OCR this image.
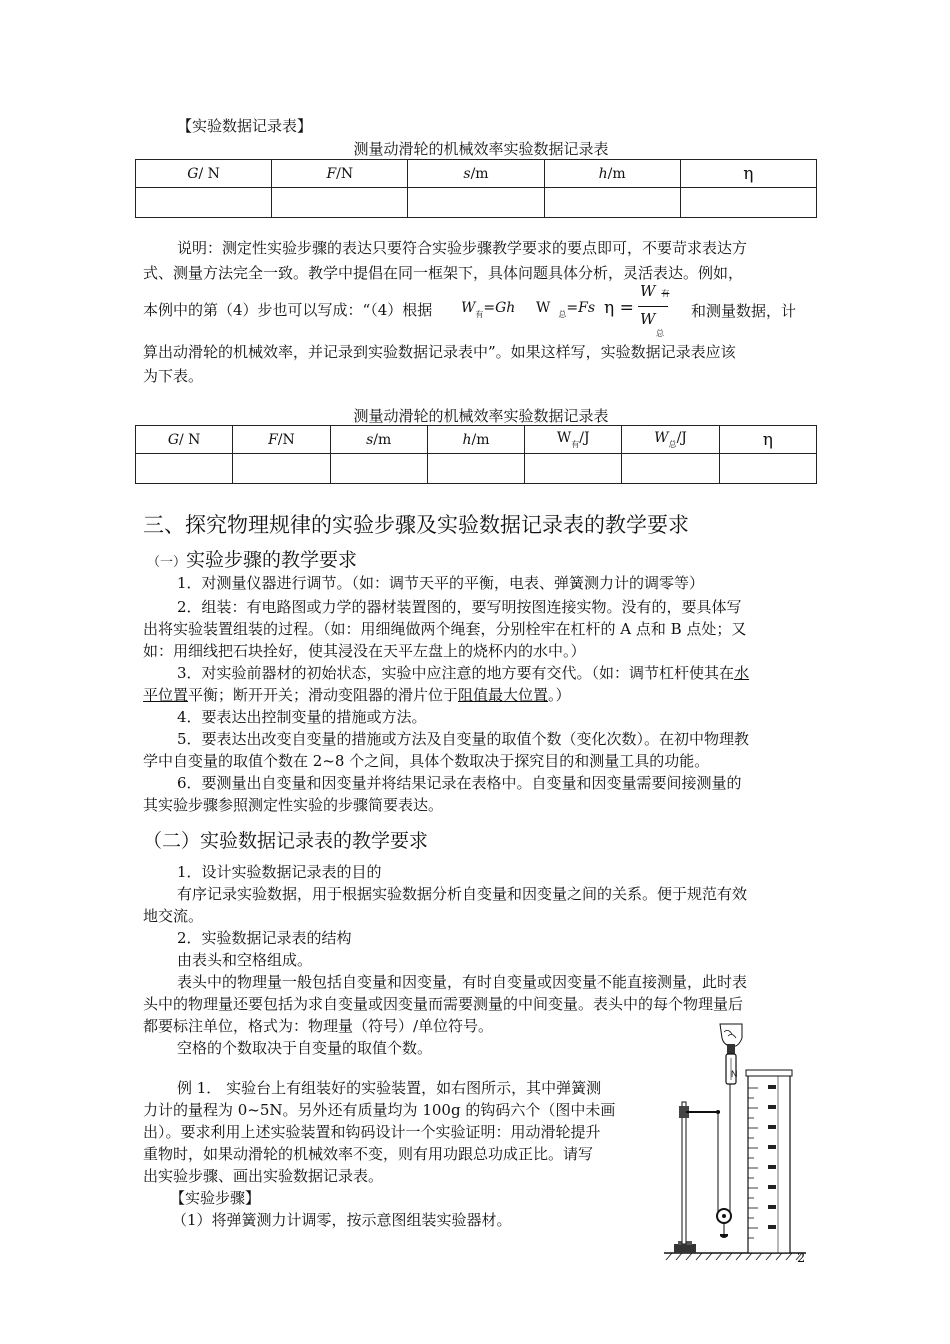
【实验数据记录表】
测量动滑轮的机械效率实验数据记录表
G/ N	F/N	s/m	h/m	η

说明：测定性实验步骤的表达只要符合实验步骤教学要求的要点即可，不要苛求表达方
式、测量方法完全一致。教学中提倡在同一框架下，具体问题具体分析，灵活表达。例如，
本例中的第（4）步也可以写成：“（4）根据	$W_有=Gh$ W $_总$=Fs η =
W有
W
总
和测量数据，计
算出动滑轮的机械效率，并记录到实验数据记录表中”。如果这样写，实验数据记录表应该
为下表。
测量动滑轮的机械效率实验数据记录表
G/ N	F/N	s/m	h/m	$W_有/J$	$W_总/J$	η

三、探究物理规律的实验步骤及实验数据记录表的教学要求
（一）实验步骤的教学要求
1．对测量仪器进行调节。（如：调节天平的平衡，电表、弹簧测力计的调零等）
2．组装：有电路图或力学的器材装置图的，要写明按图连接实物。没有的，要具体写
出将实验装置组装的过程。（如：用细绳做两个绳套，分别栓牢在杠杆的 A 点和 B 点处；又
如：用细线把石块拴好，使其浸没在天平左盘上的烧杯内的水中。）
3．对实验前器材的初始状态，实验中应注意的地方要有交代。（如：调节杠杆使其在水
平位置平衡；断开开关；滑动变阻器的滑片位于阻值最大位置。）
4．要表达出控制变量的措施或方法。
5．要表达出改变自变量的措施或方法及自变量的取值个数（变化次数）。在初中物理教
学中自变量的取值个数在 2~8 个之间，具体个数取决于探究目的和测量工具的功能。
6．要测量出自变量和因变量并将结果记录在表格中。自变量和因变量需要间接测量的
其实验步骤参照测定性实验的步骤简要表达。
（二）实验数据记录表的教学要求
1．设计实验数据记录表的目的
有序记录实验数据，用于根据实验数据分析自变量和因变量之间的关系。便于规范有效
地交流。
2．实验数据记录表的结构
由表头和空格组成。
表头中的物理量一般包括自变量和因变量，有时自变量或因变量不能直接测量，此时表
头中的物理量还要包括为求自变量或因变量而需要测量的中间变量。表头中的每个物理量后
都要标注单位，格式为：物理量（符号）/单位符号。
空格的个数取决于自变量的取值个数。
例 1． 实验台上有组装好的实验装置，如右图所示，其中弹簧测
力计的量程为 0~5N。另外还有质量均为 100g 的钩码六个（图中未画
出）。要求利用上述实验装置和钩码设计一个实验证明：用动滑轮提升
重物时，如果动滑轮的机械效率不变，则有用功跟总功成正比。请写
出实验步骤、画出实验数据记录表。
【实验步骤】
（1）将弹簧测力计调零，按示意图组装实验器材。
N
2
